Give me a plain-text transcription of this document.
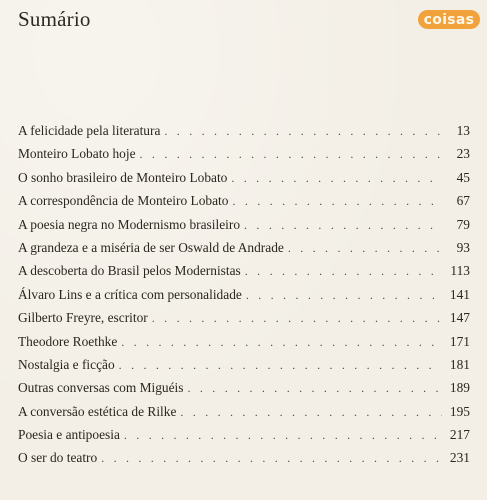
Sumário	coisas
A felicidade pela literatura . . .	13
Monteiro Lobato hoje . . .	23
O sonho brasileiro de Monteiro Lobato . . .	45
A correspondência de Monteiro Lobato . . .	67
A poesia negra no Modernismo brasileiro . . .	79
A grandeza e a miséria de ser Oswald de Andrade . . .	93
A descoberta do Brasil pelos Modernistas . . .	113
Álvaro Lins e a crítica com personalidade . . .	141
Gilberto Freyre, escritor . . .	147
Theodore Roethke . . .	171
Nostalgia e ficção . . .	181
Outras conversas com Miguéis . . .	189
A conversão estética de Rilke . . .	195
Poesia e antipoesia . . .	217
O ser do teatro . . .	231
